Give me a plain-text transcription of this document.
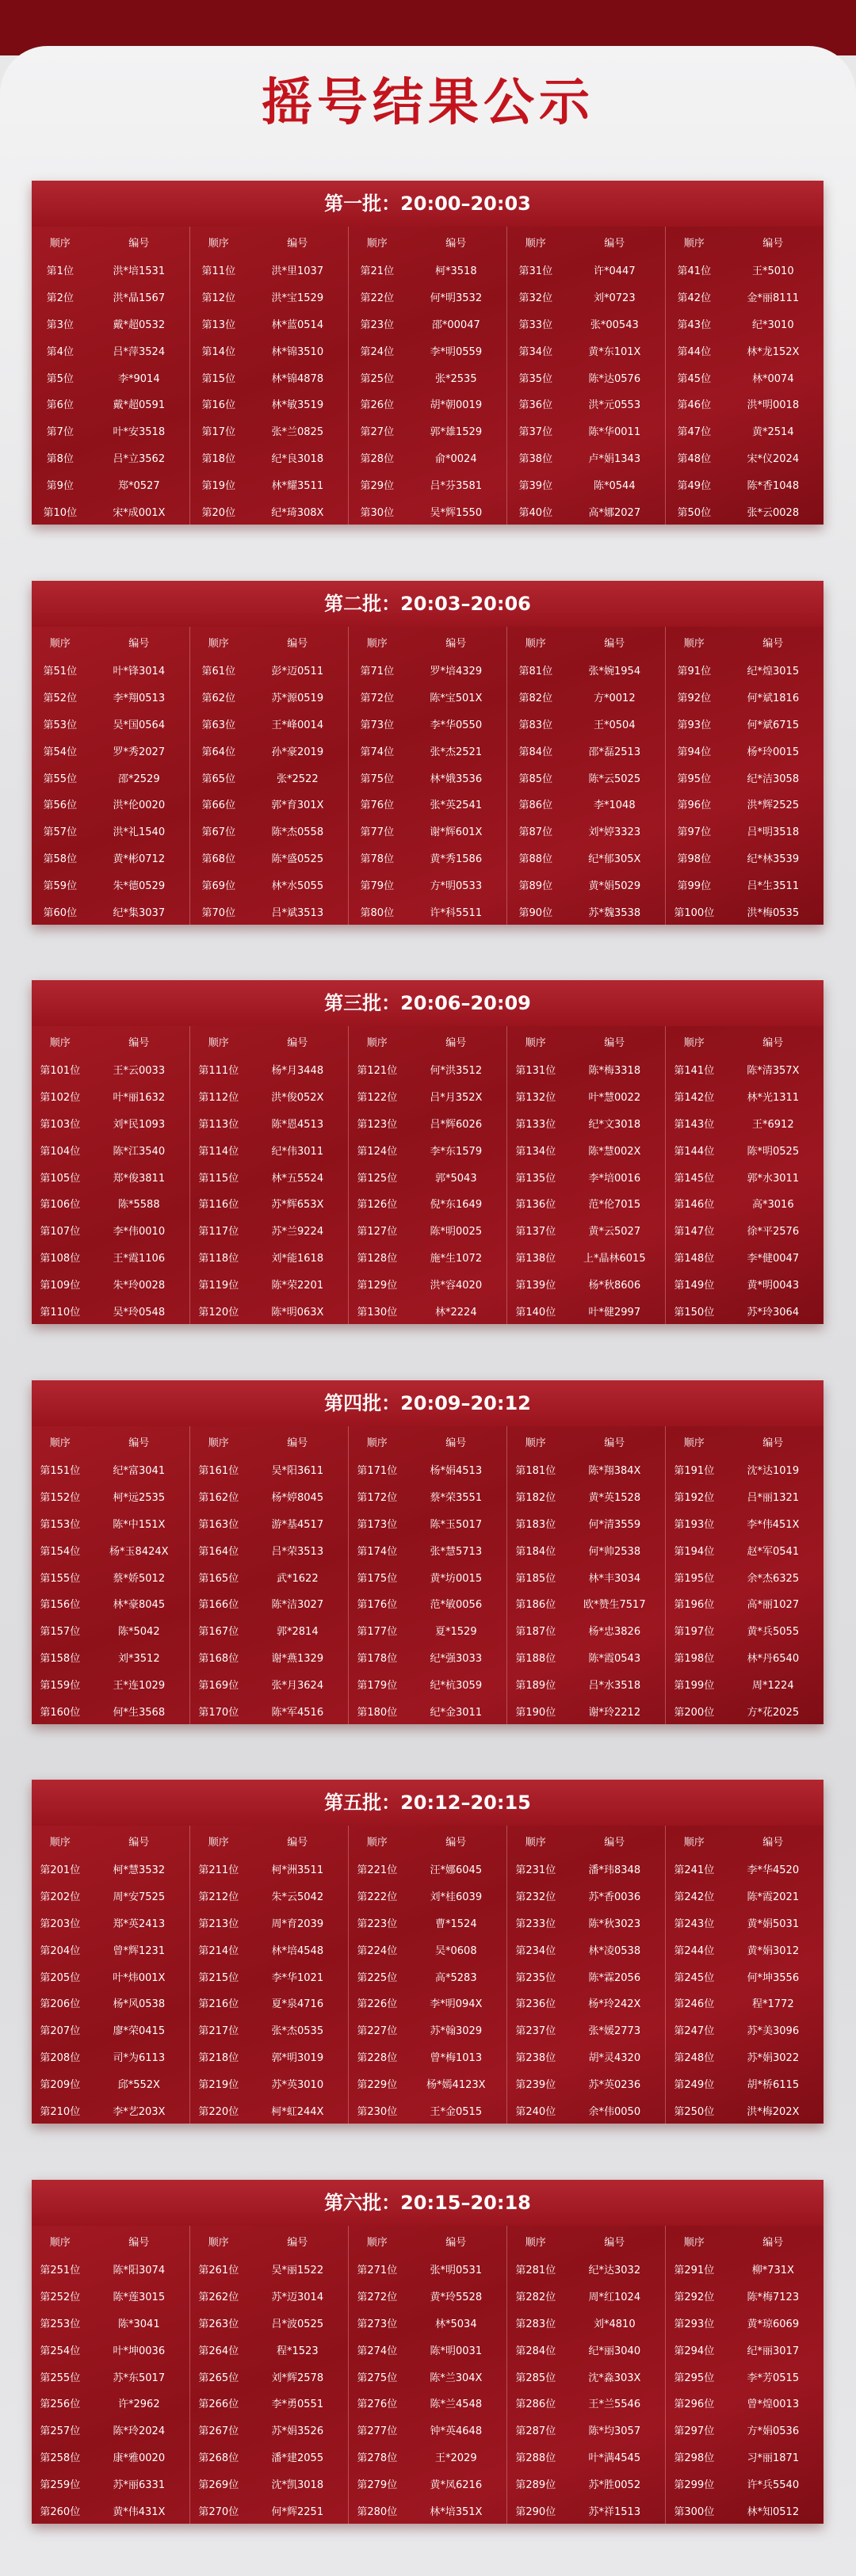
摇号结果公示
第一批：20:00–20:03
顺序	编号
第1位	洪*培1531
第2位	洪*晶1567
第3位	戴*超0532
第4位	吕*萍3524
第5位	李*9014
第6位	戴*超0591
第7位	叶*安3518
第8位	吕*立3562
第9位	郑*0527
第10位	宋*成001X
顺序	编号
第11位	洪*里1037
第12位	洪*宝1529
第13位	林*蓝0514
第14位	林*锦3510
第15位	林*锦4878
第16位	林*敏3519
第17位	张*兰0825
第18位	纪*良3018
第19位	林*耀3511
第20位	纪*琦308X
顺序	编号
第21位	柯*3518
第22位	何*明3532
第23位	邵*00047
第24位	李*明0559
第25位	张*2535
第26位	胡*朝0019
第27位	郭*雄1529
第28位	俞*0024
第29位	吕*芬3581
第30位	吴*辉1550
顺序	编号
第31位	许*0447
第32位	刘*0723
第33位	张*00543
第34位	黄*东101X
第35位	陈*达0576
第36位	洪*元0553
第37位	陈*华0011
第38位	卢*娟1343
第39位	陈*0544
第40位	高*娜2027
顺序	编号
第41位	王*5010
第42位	金*丽8111
第43位	纪*3010
第44位	林*龙152X
第45位	林*0074
第46位	洪*明0018
第47位	黄*2514
第48位	宋*仪2024
第49位	陈*香1048
第50位	张*云0028
第二批：20:03–20:06
顺序	编号
第51位	叶*锋3014
第52位	李*翔0513
第53位	吴*国0564
第54位	罗*秀2027
第55位	邵*2529
第56位	洪*伦0020
第57位	洪*礼1540
第58位	黄*彬0712
第59位	朱*德0529
第60位	纪*集3037
顺序	编号
第61位	彭*迈0511
第62位	苏*源0519
第63位	王*峰0014
第64位	孙*豪2019
第65位	张*2522
第66位	郭*育301X
第67位	陈*杰0558
第68位	陈*盛0525
第69位	林*水5055
第70位	吕*斌3513
顺序	编号
第71位	罗*培4329
第72位	陈*宝501X
第73位	李*华0550
第74位	张*杰2521
第75位	林*娥3536
第76位	张*英2541
第77位	谢*辉601X
第78位	黄*秀1586
第79位	方*明0533
第80位	许*科5511
顺序	编号
第81位	张*婉1954
第82位	方*0012
第83位	王*0504
第84位	邵*磊2513
第85位	陈*云5025
第86位	李*1048
第87位	刘*婷3323
第88位	纪*郁305X
第89位	黄*娟5029
第90位	苏*魏3538
顺序	编号
第91位	纪*煌3015
第92位	何*斌1816
第93位	何*斌6715
第94位	杨*玲0015
第95位	纪*洁3058
第96位	洪*辉2525
第97位	吕*明3518
第98位	纪*林3539
第99位	吕*生3511
第100位	洪*梅0535
第三批：20:06–20:09
顺序	编号
第101位	王*云0033
第102位	叶*丽1632
第103位	刘*民1093
第104位	陈*江3540
第105位	郑*俊3811
第106位	陈*5588
第107位	李*伟0010
第108位	王*霞1106
第109位	朱*玲0028
第110位	吴*玲0548
顺序	编号
第111位	杨*月3448
第112位	洪*俊052X
第113位	陈*恩4513
第114位	纪*伟3011
第115位	林*五5524
第116位	苏*辉653X
第117位	苏*兰9224
第118位	刘*能1618
第119位	陈*荣2201
第120位	陈*明063X
顺序	编号
第121位	何*洪3512
第122位	吕*月352X
第123位	吕*辉6026
第124位	李*东1579
第125位	郭*5043
第126位	倪*东1649
第127位	陈*明0025
第128位	施*生1072
第129位	洪*容4020
第130位	林*2224
顺序	编号
第131位	陈*梅3318
第132位	叶*慧0022
第133位	纪*文3018
第134位	陈*慧002X
第135位	李*培0016
第136位	范*伦7015
第137位	黄*云5027
第138位	上*晶林6015
第139位	杨*秋8606
第140位	叶*健2997
顺序	编号
第141位	陈*清357X
第142位	林*光1311
第143位	王*6912
第144位	陈*明0525
第145位	郭*水3011
第146位	高*3016
第147位	徐*平2576
第148位	李*健0047
第149位	黄*明0043
第150位	苏*玲3064
第四批：20:09–20:12
顺序	编号
第151位	纪*富3041
第152位	柯*远2535
第153位	陈*中151X
第154位	杨*玉8424X
第155位	蔡*娇5012
第156位	林*豪8045
第157位	陈*5042
第158位	刘*3512
第159位	王*连1029
第160位	何*生3568
顺序	编号
第161位	吴*阳3611
第162位	杨*婷8045
第163位	游*基4517
第164位	吕*荣3513
第165位	武*1622
第166位	陈*洁3027
第167位	郭*2814
第168位	谢*燕1329
第169位	张*月3624
第170位	陈*军4516
顺序	编号
第171位	杨*娟4513
第172位	蔡*荣3551
第173位	陈*玉5017
第174位	张*慧5713
第175位	黄*坊0015
第176位	范*敏0056
第177位	夏*1529
第178位	纪*强3033
第179位	纪*杭3059
第180位	纪*金3011
顺序	编号
第181位	陈*翔384X
第182位	黄*英1528
第183位	何*清3559
第184位	何*帅2538
第185位	林*丰3034
第186位	欧*赞生7517
第187位	杨*忠3826
第188位	陈*霞0543
第189位	吕*水3518
第190位	谢*玲2212
顺序	编号
第191位	沈*达1019
第192位	吕*丽1321
第193位	李*伟451X
第194位	赵*军0541
第195位	余*杰6325
第196位	高*丽1027
第197位	黄*兵5055
第198位	林*丹6540
第199位	周*1224
第200位	方*花2025
第五批：20:12–20:15
顺序	编号
第201位	柯*慧3532
第202位	周*安7525
第203位	郑*英2413
第204位	曾*辉1231
第205位	叶*炜001X
第206位	杨*风0538
第207位	廖*荣0415
第208位	司*为6113
第209位	邱*552X
第210位	李*艺203X
顺序	编号
第211位	柯*洲3511
第212位	朱*云5042
第213位	周*育2039
第214位	林*培4548
第215位	李*华1021
第216位	夏*泉4716
第217位	张*杰0535
第218位	郭*明3019
第219位	苏*英3010
第220位	柯*虹244X
顺序	编号
第221位	汪*娜6045
第222位	刘*桂6039
第223位	曹*1524
第224位	吴*0608
第225位	高*5283
第226位	李*明094X
第227位	苏*翰3029
第228位	曾*梅1013
第229位	杨*嫣4123X
第230位	王*金0515
顺序	编号
第231位	潘*玮8348
第232位	苏*香0036
第233位	陈*秋3023
第234位	林*凌0538
第235位	陈*霖2056
第236位	杨*玲242X
第237位	张*媛2773
第238位	胡*灵4320
第239位	苏*英0236
第240位	余*伟0050
顺序	编号
第241位	李*华4520
第242位	陈*霞2021
第243位	黄*娟5031
第244位	黄*娟3012
第245位	何*坤3556
第246位	程*1772
第247位	苏*美3096
第248位	苏*娟3022
第249位	胡*桥6115
第250位	洪*梅202X
第六批：20:15–20:18
顺序	编号
第251位	陈*阳3074
第252位	陈*莲3015
第253位	陈*3041
第254位	叶*坤0036
第255位	苏*东5017
第256位	许*2962
第257位	陈*玲2024
第258位	康*雅0020
第259位	苏*丽6331
第260位	黄*伟431X
顺序	编号
第261位	吴*丽1522
第262位	苏*迈3014
第263位	吕*波0525
第264位	程*1523
第265位	刘*辉2578
第266位	李*勇0551
第267位	苏*娟3526
第268位	潘*建2055
第269位	沈*凯3018
第270位	何*辉2251
顺序	编号
第271位	张*明0531
第272位	黄*玲5528
第273位	林*5034
第274位	陈*明0031
第275位	陈*兰304X
第276位	陈*兰4548
第277位	钟*英4648
第278位	王*2029
第279位	黄*凤6216
第280位	林*培351X
顺序	编号
第281位	纪*达3032
第282位	周*红1024
第283位	刘*4810
第284位	纪*丽3040
第285位	沈*淼303X
第286位	王*兰5546
第287位	陈*均3057
第288位	叶*满4545
第289位	苏*胜0052
第290位	苏*祥1513
顺序	编号
第291位	柳*731X
第292位	陈*梅7123
第293位	黄*琼6069
第294位	纪*丽3017
第295位	李*芳0515
第296位	曾*煌0013
第297位	方*娟0536
第298位	习*丽1871
第299位	许*兵5540
第300位	林*知0512
